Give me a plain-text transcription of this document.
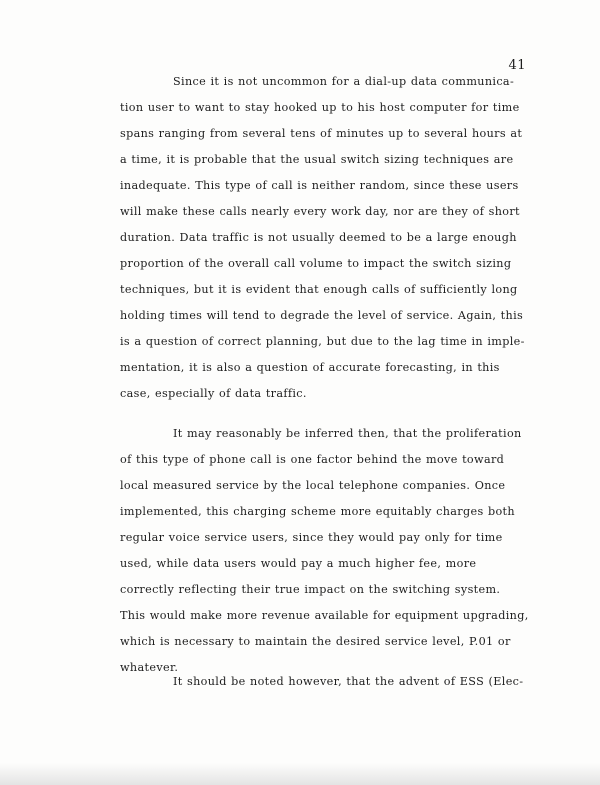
41
Since it is not uncommon for a dial-up data communica-
tion user to want to stay hooked up to his host computer for time
spans ranging from several tens of minutes up to several hours at
a time, it is probable that the usual switch sizing techniques are
inadequate. This type of call is neither random, since these users
will make these calls nearly every work day, nor are they of short
duration. Data traffic is not usually deemed to be a large enough
proportion of the overall call volume to impact the switch sizing
techniques, but it is evident that enough calls of sufficiently long
holding times will tend to degrade the level of service. Again, this
is a question of correct planning, but due to the lag time in imple-
mentation, it is also a question of accurate forecasting, in this
case, especially of data traffic.
It may reasonably be inferred then, that the proliferation
of this type of phone call is one factor behind the move toward
local measured service by the local telephone companies. Once
implemented, this charging scheme more equitably charges both
regular voice service users, since they would pay only for time
used, while data users would pay a much higher fee, more
correctly reflecting their true impact on the switching system.
This would make more revenue available for equipment upgrading,
which is necessary to maintain the desired service level, P.01 or
whatever.
It should be noted however, that the advent of ESS (Elec-
